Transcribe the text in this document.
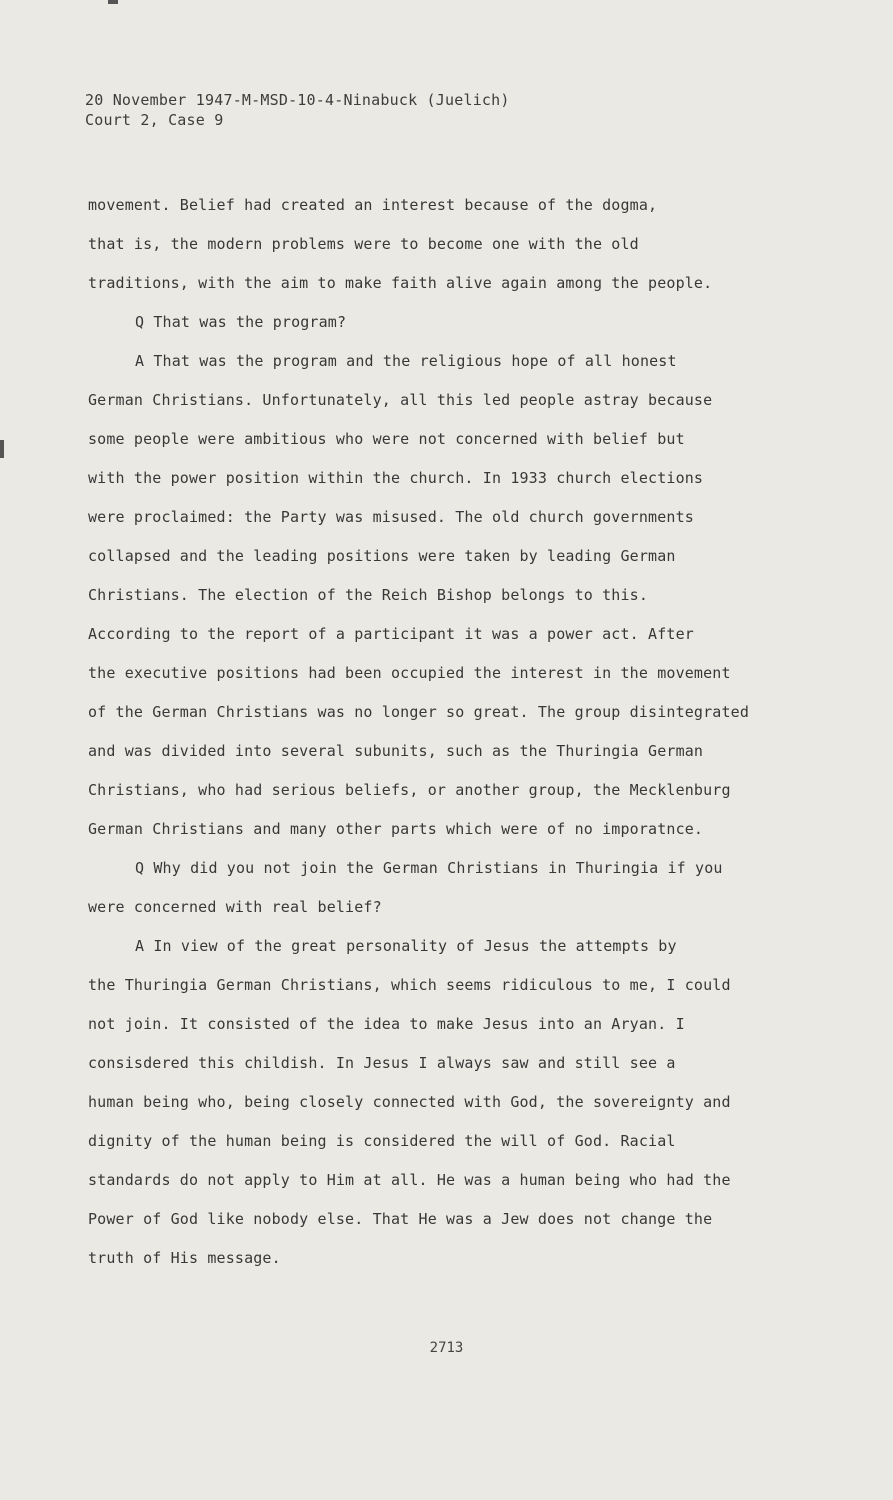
20 November 1947-M-MSD-10-4-Ninabuck (Juelich)
Court 2, Case 9
movement. Belief had created an interest because of the dogma,
that is, the modern problems were to become one with the old
traditions, with the aim to make faith alive again among the people.
Q That was the program?
A That was the program and the religious hope of all honest
German Christians. Unfortunately, all this led people astray because
some people were ambitious who were not concerned with belief but
with the power position within the church. In 1933 church elections
were proclaimed: the Party was misused. The old church governments
collapsed and the leading positions were taken by leading German
Christians. The election of the Reich Bishop belongs to this.
According to the report of a participant it was a power act. After
the executive positions had been occupied the interest in the movement
of the German Christians was no longer so great. The group disintegrated
and was divided into several subunits, such as the Thuringia German
Christians, who had serious beliefs, or another group, the Mecklenburg
German Christians and many other parts which were of no imporatnce.
Q Why did you not join the German Christians in Thuringia if you
were concerned with real belief?
A In view of the great personality of Jesus the attempts by
the Thuringia German Christians, which seems ridiculous to me, I could
not join. It consisted of the idea to make Jesus into an Aryan. I
consisdered this childish. In Jesus I always saw and still see a
human being who, being closely connected with God, the sovereignty and
dignity of the human being is considered the will of God. Racial
standards do not apply to Him at all. He was a human being who had the
Power of God like nobody else. That He was a Jew does not change the
truth of His message.
2713
